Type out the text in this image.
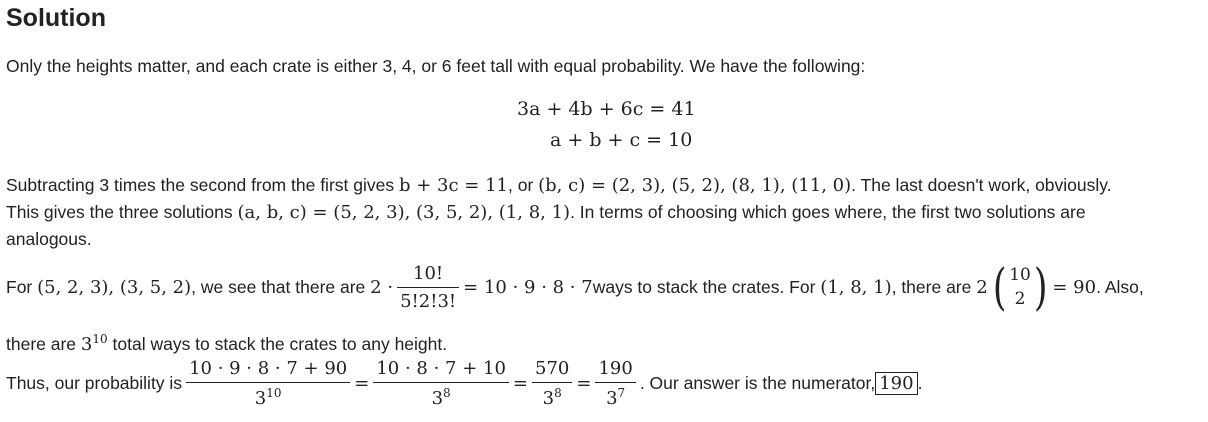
Solution

Only the heights matter, and each crate is either 3, 4, or 6 feet tall with equal probability. We have the following:

3a + 4b + 6c = 41
a + b + c = 10
Subtracting 3 times the second from the first gives b + 3c = 11, or (b, c) = (2, 3), (5, 2), (8, 1), (11, 0). The last doesn't work, obviously.
This gives the three solutions (a, b, c) = (5, 2, 3), (3, 5, 2), (1, 8, 1). In terms of choosing which goes where, the first two solutions are
analogous.
For
(5, 2, 3), (3, 5, 2) , we see that there are
$2 \cdot \frac{10!}{5!2!3!} = 10 \cdot 9 \cdot 8 \cdot 7$ ways to stack the crates. For
(1, 8, 1) , there are
2 ( 10
2 ) = 90 . Also,
there are $3^{10}$ total ways to stack the crates to any height.
Thus, our probability is $\frac{10 \cdot 9 \cdot 8 \cdot 7 + 90}{3^{10}} = \frac{10 \cdot 8 \cdot 7 + 10}{3^8} = \frac{570}{3^8} = \frac{190}{3^7}$ . Our answer is the numerator, 190 .
